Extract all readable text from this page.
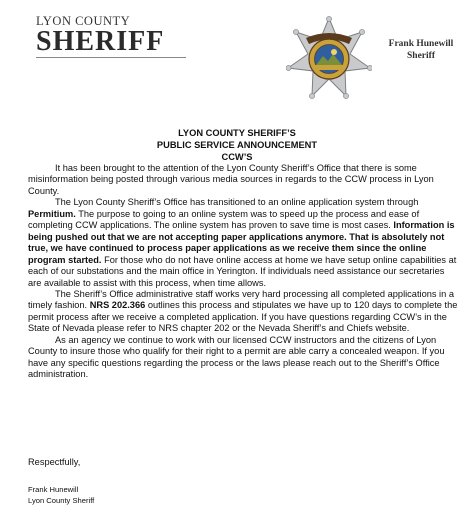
LYON COUNTY
SHERIFF	Frank Hunewill
Sheriff
LYON COUNTY SHERIFF’S
PUBLIC SERVICE ANNOUNCEMENT
CCW’S

It has been brought to the attention of the Lyon County Sheriff’s Office that there is some misinformation being posted through various media sources in regards to the CCW process in Lyon County.

The Lyon County Sheriff’s Office has transitioned to an online application system through Permitium. The purpose to going to an online system was to speed up the process and ease of completing CCW applications. The online system has proven to save time is most cases. Information is being pushed out that we are not accepting paper applications anymore. That is absolutely not true, we have continued to process paper applications as we receive them since the online program started. For those who do not have online access at home we have setup online capabilities at each of our substations and the main office in Yerington. If individuals need assistance our secretaries are available to assist with this process, when time allows.

The Sheriff’s Office administrative staff works very hard processing all completed applications in a timely fashion. NRS 202.366 outlines this process and stipulates we have up to 120 days to complete the permit process after we receive a completed application. If you have questions regarding CCW’s in the State of Nevada please refer to NRS chapter 202 or the Nevada Sheriff’s and Chiefs website.

As an agency we continue to work with our licensed CCW instructors and the citizens of Lyon County to insure those who qualify for their right to a permit are able carry a concealed weapon. If you have any specific questions regarding the process or the laws please reach out to the Sheriff’s Office administration.

Respectfully,
Frank Hunewill
Lyon County Sheriff
